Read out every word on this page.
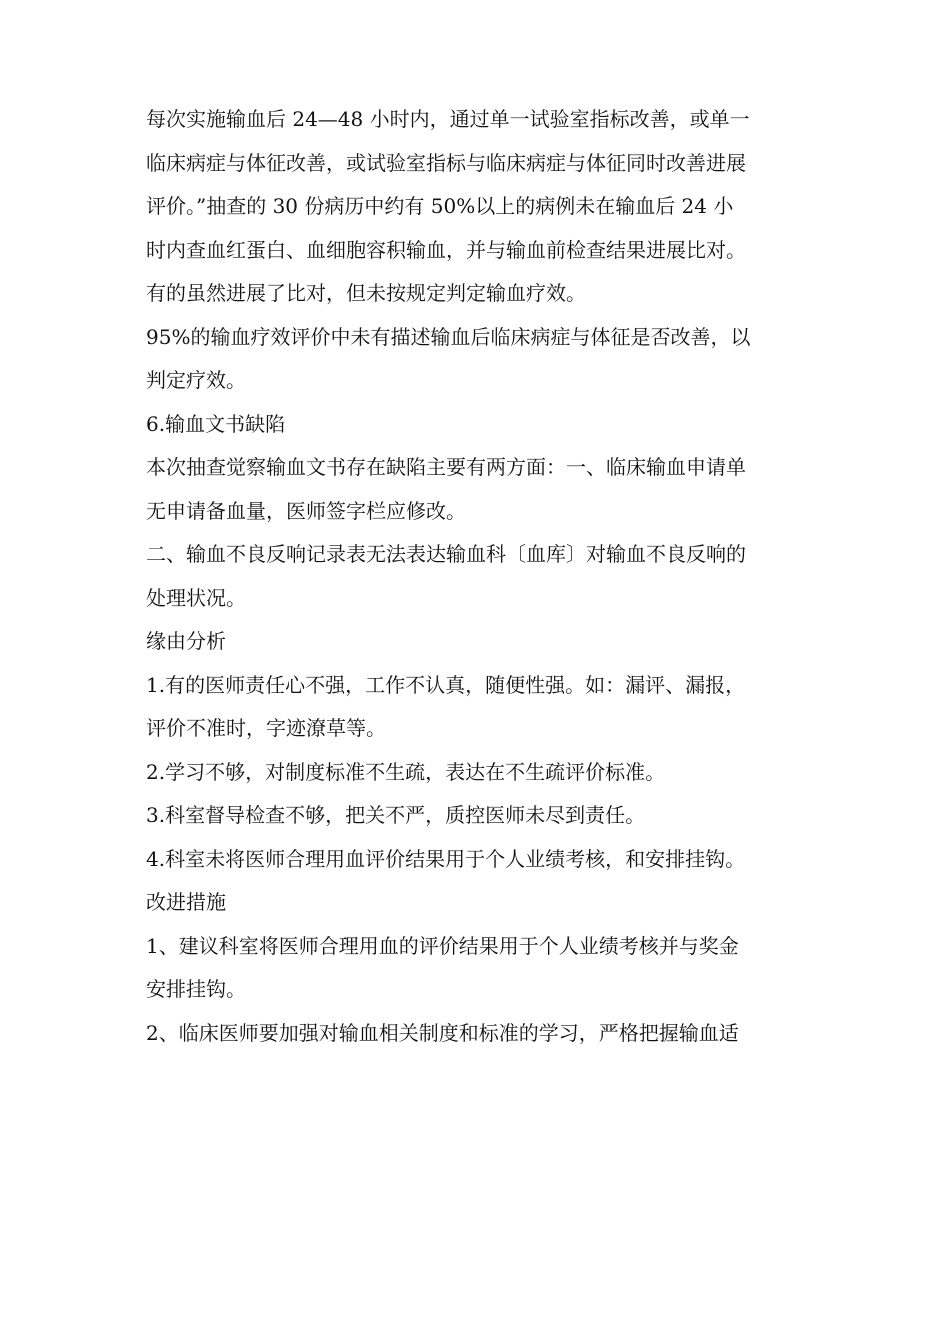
每次实施输血后 24—48 小时内，通过单一试验室指标改善，或单一
临床病症与体征改善，或试验室指标与临床病症与体征同时改善进展
评价。”抽查的 30 份病历中约有 50%以上的病例未在输血后 24 小
时内查血红蛋白、血细胞容积输血，并与输血前检查结果进展比对。
有的虽然进展了比对，但未按规定判定输血疗效。
95%的输血疗效评价中未有描述输血后临床病症与体征是否改善，以
判定疗效。
6.输血文书缺陷
本次抽查觉察输血文书存在缺陷主要有两方面：一、临床输血申请单
无申请备血量，医师签字栏应修改。
二、输血不良反响记录表无法表达输血科〔血库〕对输血不良反响的
处理状况。
缘由分析
1.有的医师责任心不强，工作不认真，随便性强。如：漏评、漏报，
评价不准时，字迹潦草等。
2.学习不够，对制度标准不生疏，表达在不生疏评价标准。
3.科室督导检查不够，把关不严，质控医师未尽到责任。
4.科室未将医师合理用血评价结果用于个人业绩考核，和安排挂钩。
改进措施
1、建议科室将医师合理用血的评价结果用于个人业绩考核并与奖金
安排挂钩。
2、临床医师要加强对输血相关制度和标准的学习，严格把握输血适
